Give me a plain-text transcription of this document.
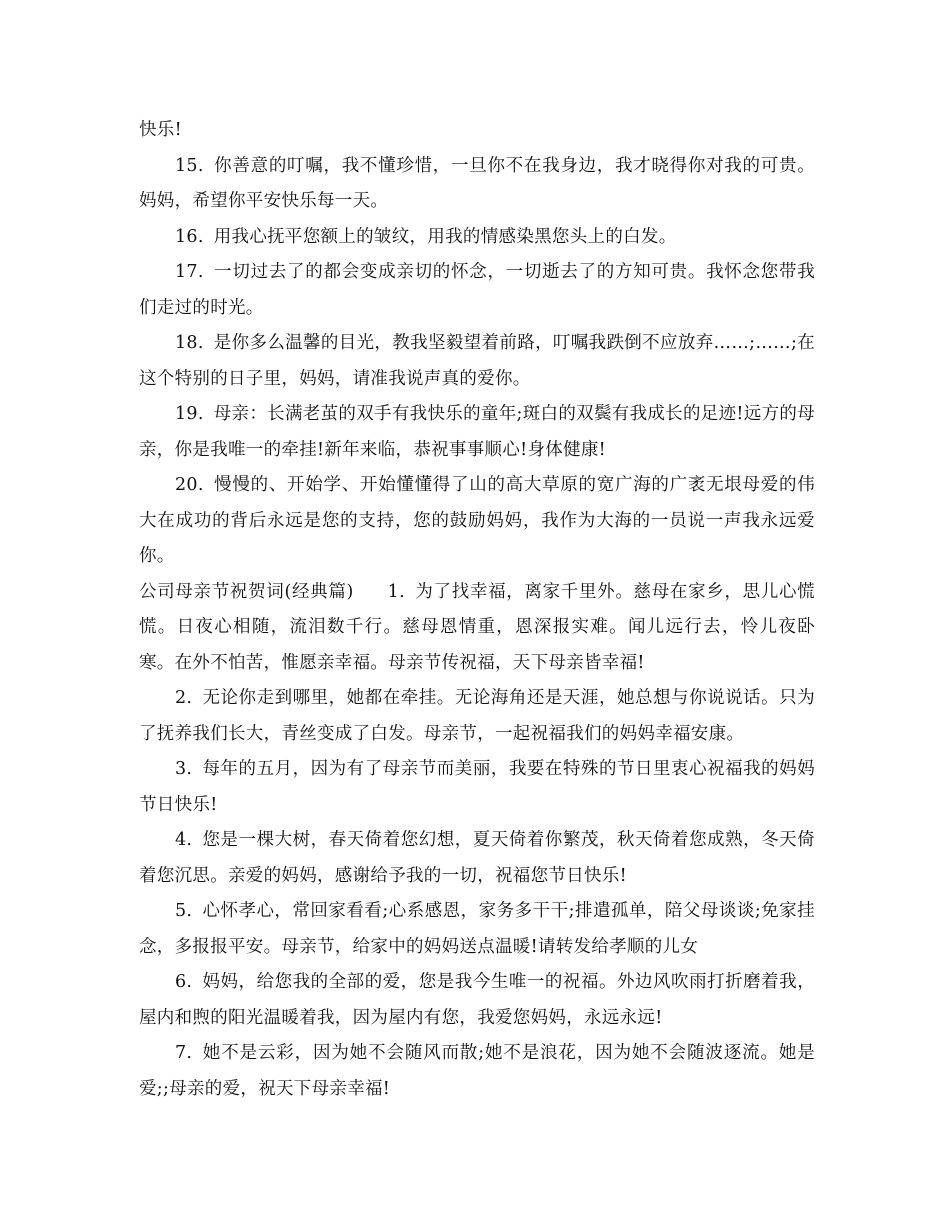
快乐!

15. 你善意的叮嘱，我不懂珍惜，一旦你不在我身边，我才晓得你对我的可贵。妈妈，希望你平安快乐每一天。

16. 用我心抚平您额上的皱纹，用我的情感染黑您头上的白发。

17. 一切过去了的都会变成亲切的怀念，一切逝去了的方知可贵。我怀念您带我们走过的时光。

18. 是你多么温馨的目光，教我坚毅望着前路，叮嘱我跌倒不应放弃……;……;在这个特别的日子里，妈妈，请准我说声真的爱你。

19. 母亲：长满老茧的双手有我快乐的童年;斑白的双鬓有我成长的足迹!远方的母亲，你是我唯一的牵挂!新年来临，恭祝事事顺心!身体健康!

20. 慢慢的、开始学、开始懂懂得了山的高大草原的宽广海的广袤无垠母爱的伟大在成功的背后永远是您的支持，您的鼓励妈妈，我作为大海的一员说一声我永远爱你。

公司母亲节祝贺词(经典篇) 1. 为了找幸福，离家千里外。慈母在家乡，思儿心慌慌。日夜心相随，流泪数千行。慈母恩情重，恩深报实难。闻儿远行去，怜儿夜卧寒。在外不怕苦，惟愿亲幸福。母亲节传祝福，天下母亲皆幸福!

2. 无论你走到哪里，她都在牵挂。无论海角还是天涯，她总想与你说说话。只为了抚养我们长大，青丝变成了白发。母亲节，一起祝福我们的妈妈幸福安康。

3. 每年的五月，因为有了母亲节而美丽，我要在特殊的节日里衷心祝福我的妈妈节日快乐!

4. 您是一棵大树，春天倚着您幻想，夏天倚着你繁茂，秋天倚着您成熟，冬天倚着您沉思。亲爱的妈妈，感谢给予我的一切，祝福您节日快乐!

5. 心怀孝心，常回家看看;心系感恩，家务多干干;排遣孤单，陪父母谈谈;免家挂念，多报报平安。母亲节，给家中的妈妈送点温暖!请转发给孝顺的儿女

6. 妈妈，给您我的全部的爱，您是我今生唯一的祝福。外边风吹雨打折磨着我，屋内和煦的阳光温暖着我，因为屋内有您，我爱您妈妈，永远永远!

7. 她不是云彩，因为她不会随风而散;她不是浪花，因为她不会随波逐流。她是爱;;母亲的爱，祝天下母亲幸福!
